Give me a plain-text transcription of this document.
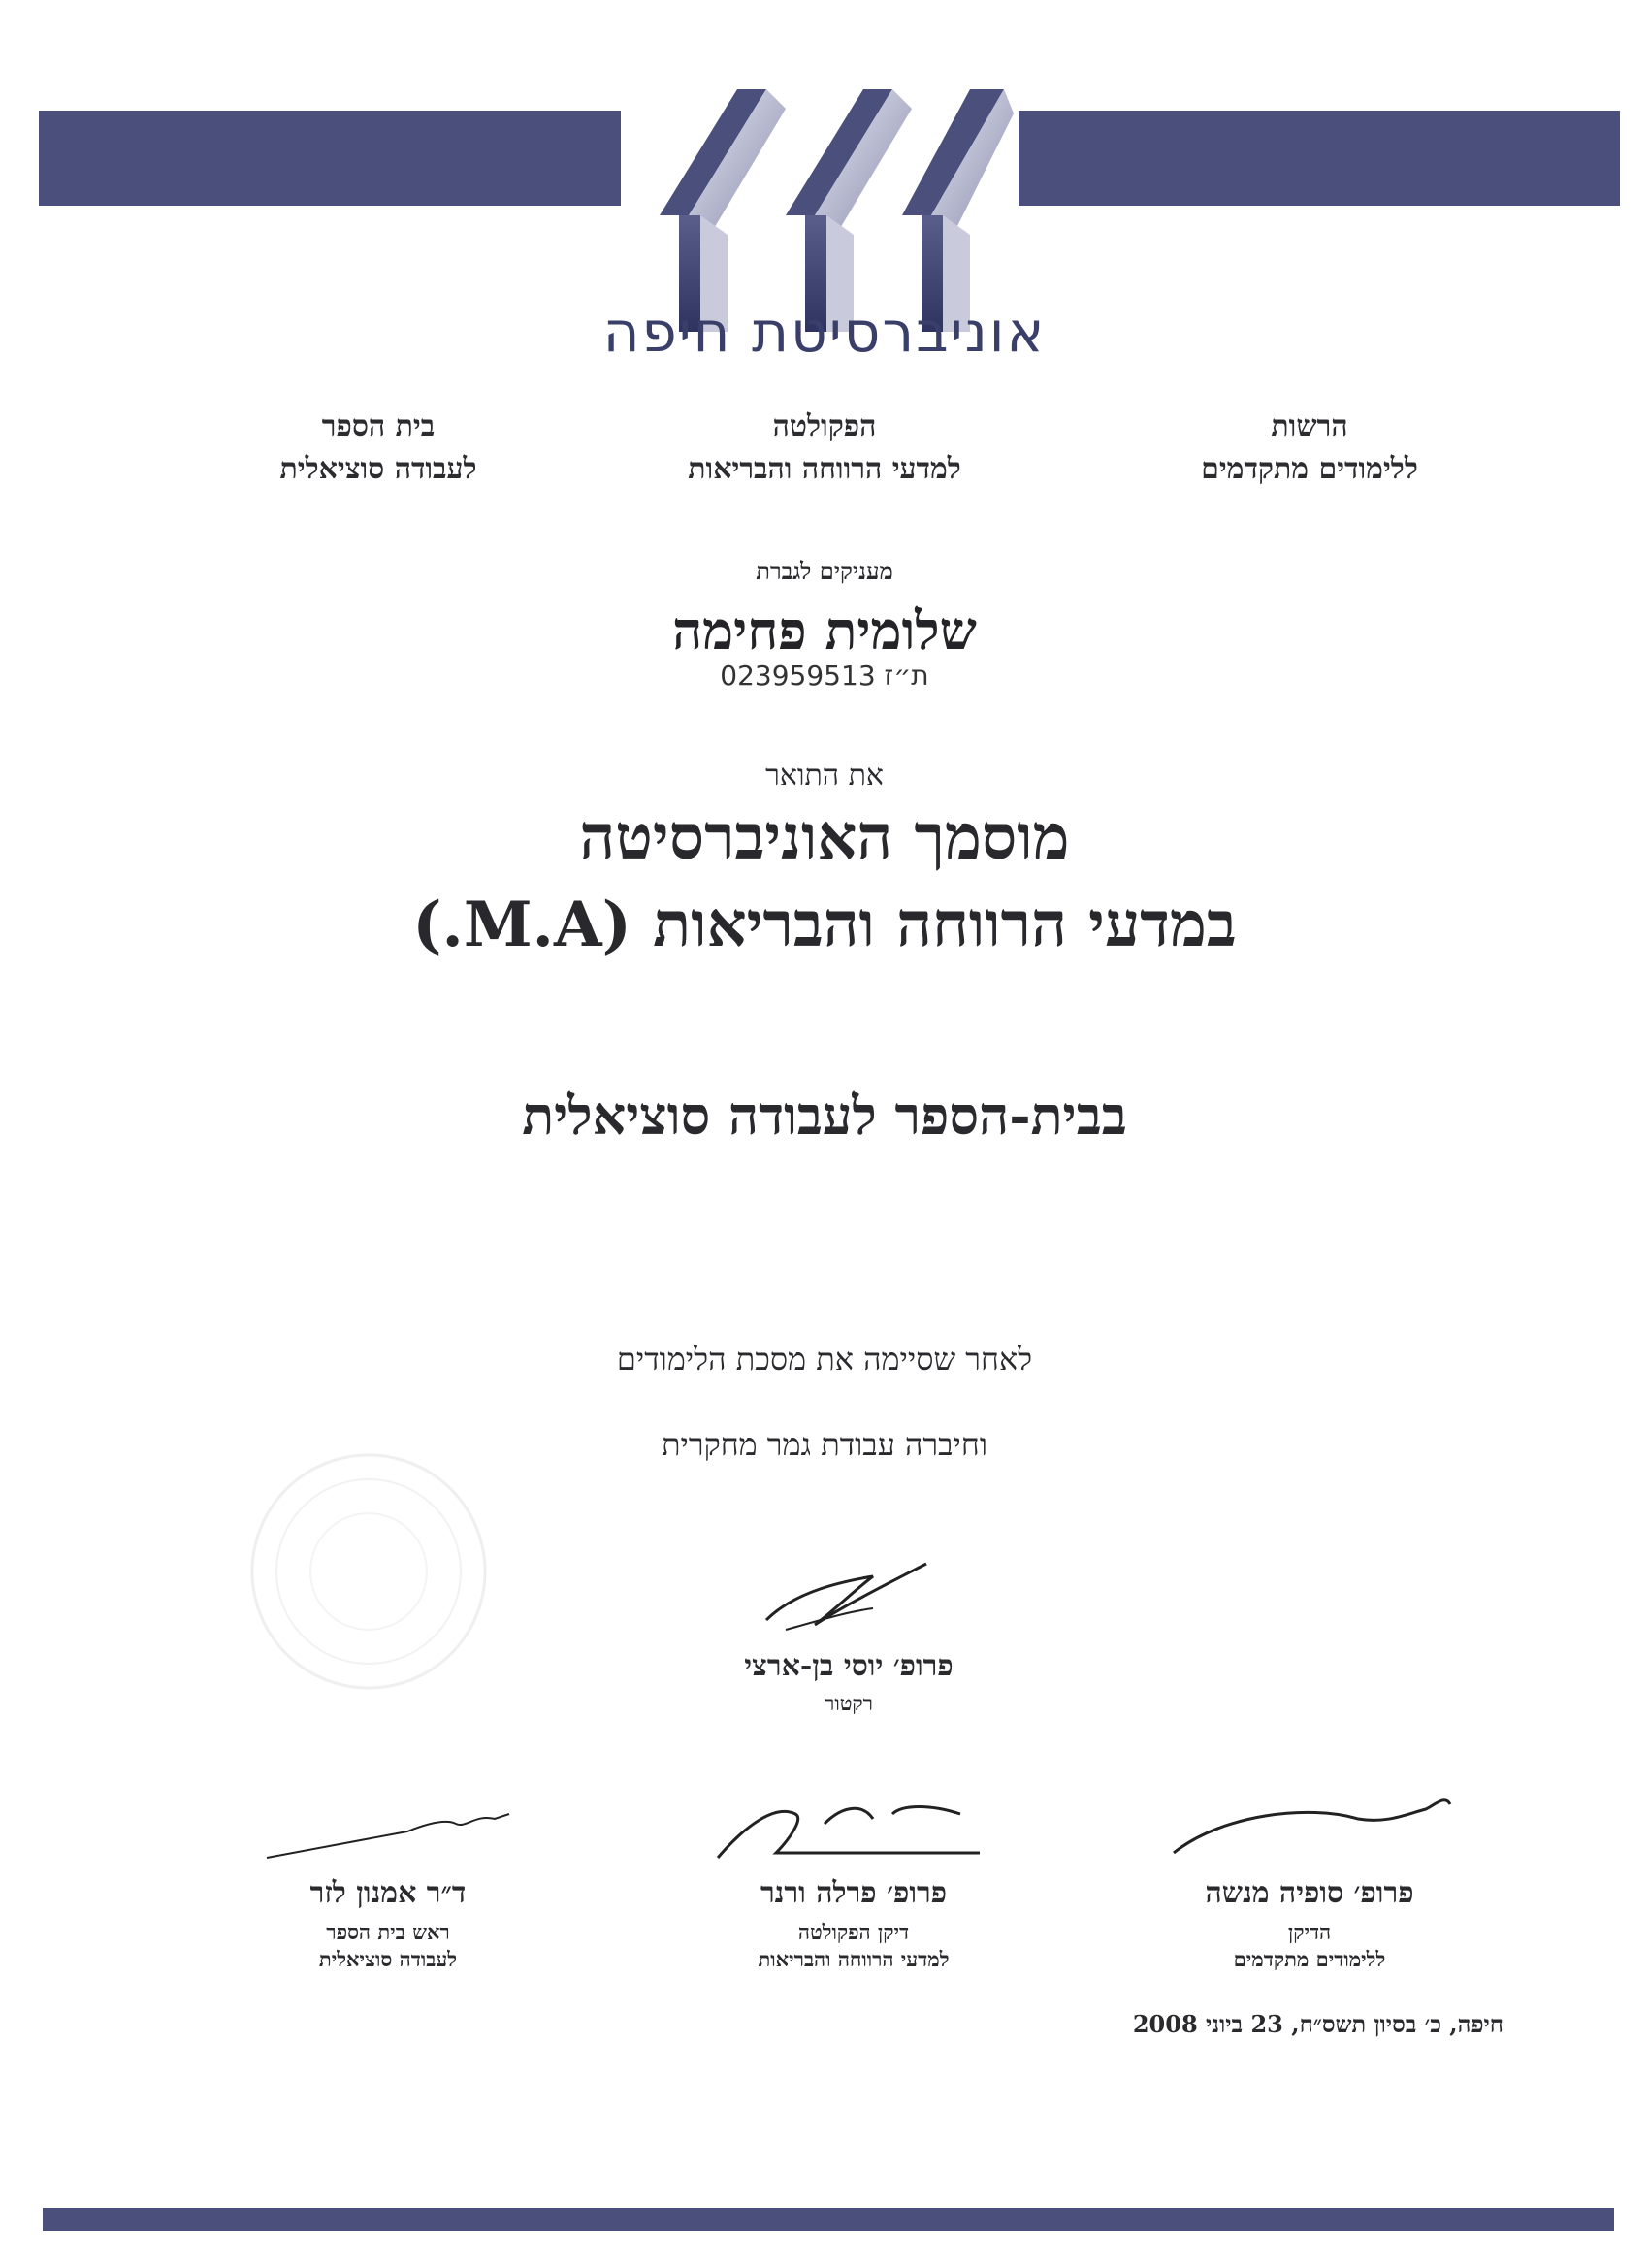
אוניברסיטת חיפה
הרשות
ללימודים מתקדמים
הפקולטה
למדעי הרווחה והבריאות
בית הספר
לעבודה סוציאלית
מעניקים לגברת
שלומית פחימה
ת״ז 023959513
את התואר
מוסמך האוניברסיטה
במדעי הרווחה והבריאות (M.A.)
בבית-הספר לעבודה סוציאלית
לאחר שסיימה את מסכת הלימודים
וחיברה עבודת גמר מחקרית
פרופ׳ יוסי בן-ארצי
רקטור
פרופ׳ סופיה מנשה
הדיקן
ללימודים מתקדמים
פרופ׳ פרלה ורנר
דיקן הפקולטה
למדעי הרווחה והבריאות
ד״ר אמנון לזר
ראש בית הספר
לעבודה סוציאלית
חיפה, כ׳ בסיון תשס״ח, 23 ביוני 2008
